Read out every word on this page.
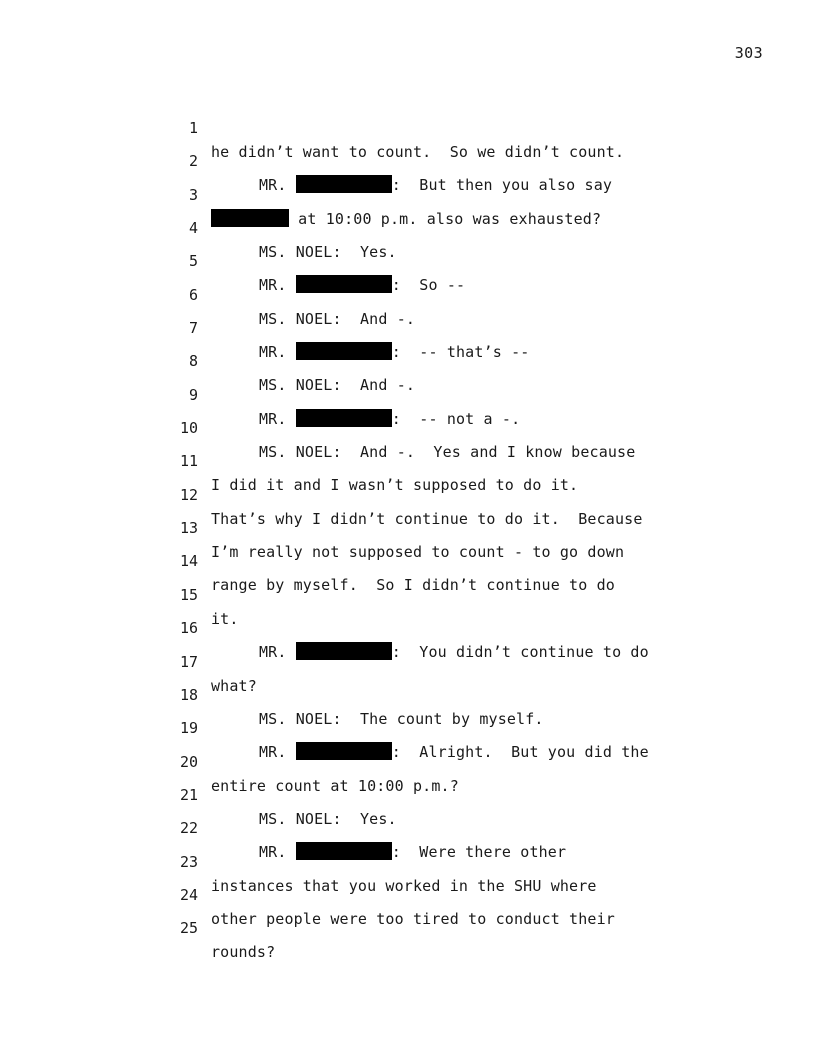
303

1

he didn’t want to count.  So we didn’t count.

2

MR.	:  But then you also say

3

at 10:00 p.m. also was exhausted?

4

MS. NOEL:  Yes.

5

MR.	:  So --

6

MS. NOEL:  And -.

7

MR.	:  -- that’s --

8

MS. NOEL:  And -.

9

MR.	:  -- not a -.

10

MS. NOEL:  And -.  Yes and I know because

11

I did it and I wasn’t supposed to do it.

12

That’s why I didn’t continue to do it.  Because

13

I’m really not supposed to count - to go down

14

range by myself.  So I didn’t continue to do

15

it.

16

MR.	:  You didn’t continue to do

17

what?

18

MS. NOEL:  The count by myself.

19

MR.	:  Alright.  But you did the

20

entire count at 10:00 p.m.?

21

MS. NOEL:  Yes.

22

MR.	:  Were there other

23

instances that you worked in the SHU where

24

other people were too tired to conduct their

25

rounds?
